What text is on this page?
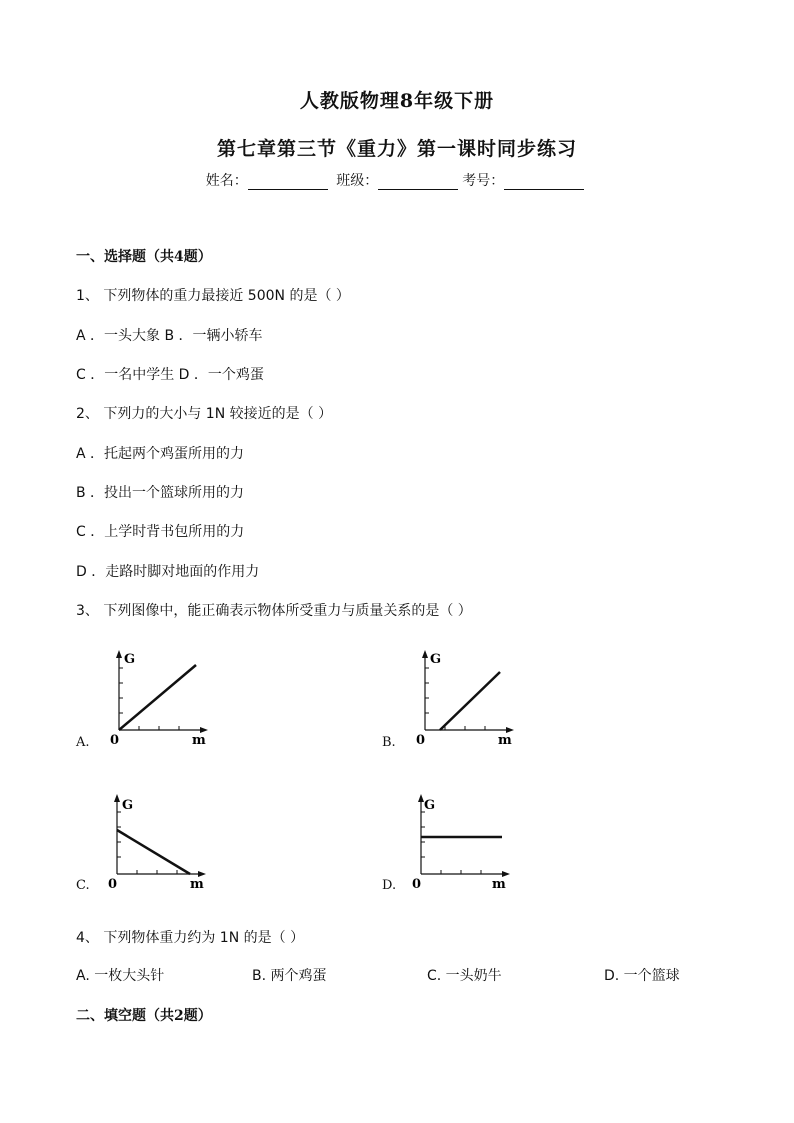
人教版物理8年级下册
第七章第三节《重力》第一课时同步练习
姓名：	班级：	考号：
一、选择题（共4题）
1、 下列物体的重力最接近 500N 的是（ ）
A ．一头大象 B ．一辆小轿车
C ．一名中学生 D ．一个鸡蛋
2、 下列力的大小与 1N 较接近的是（ ）
A ．托起两个鸡蛋所用的力
B ．投出一个篮球所用的力
C ．上学时背书包所用的力
D ．走路时脚对地面的作用力
3、 下列图像中，能正确表示物体所受重力与质量关系的是（ ）
A.
G
0	m	B.
G
0	m
C.
G
0	m	D.
G
0	m
4、 下列物体重力约为 1N 的是（ ）
A. 一枚大头针	B. 两个鸡蛋	C. 一头奶牛	D. 一个篮球
二、填空题（共2题）
